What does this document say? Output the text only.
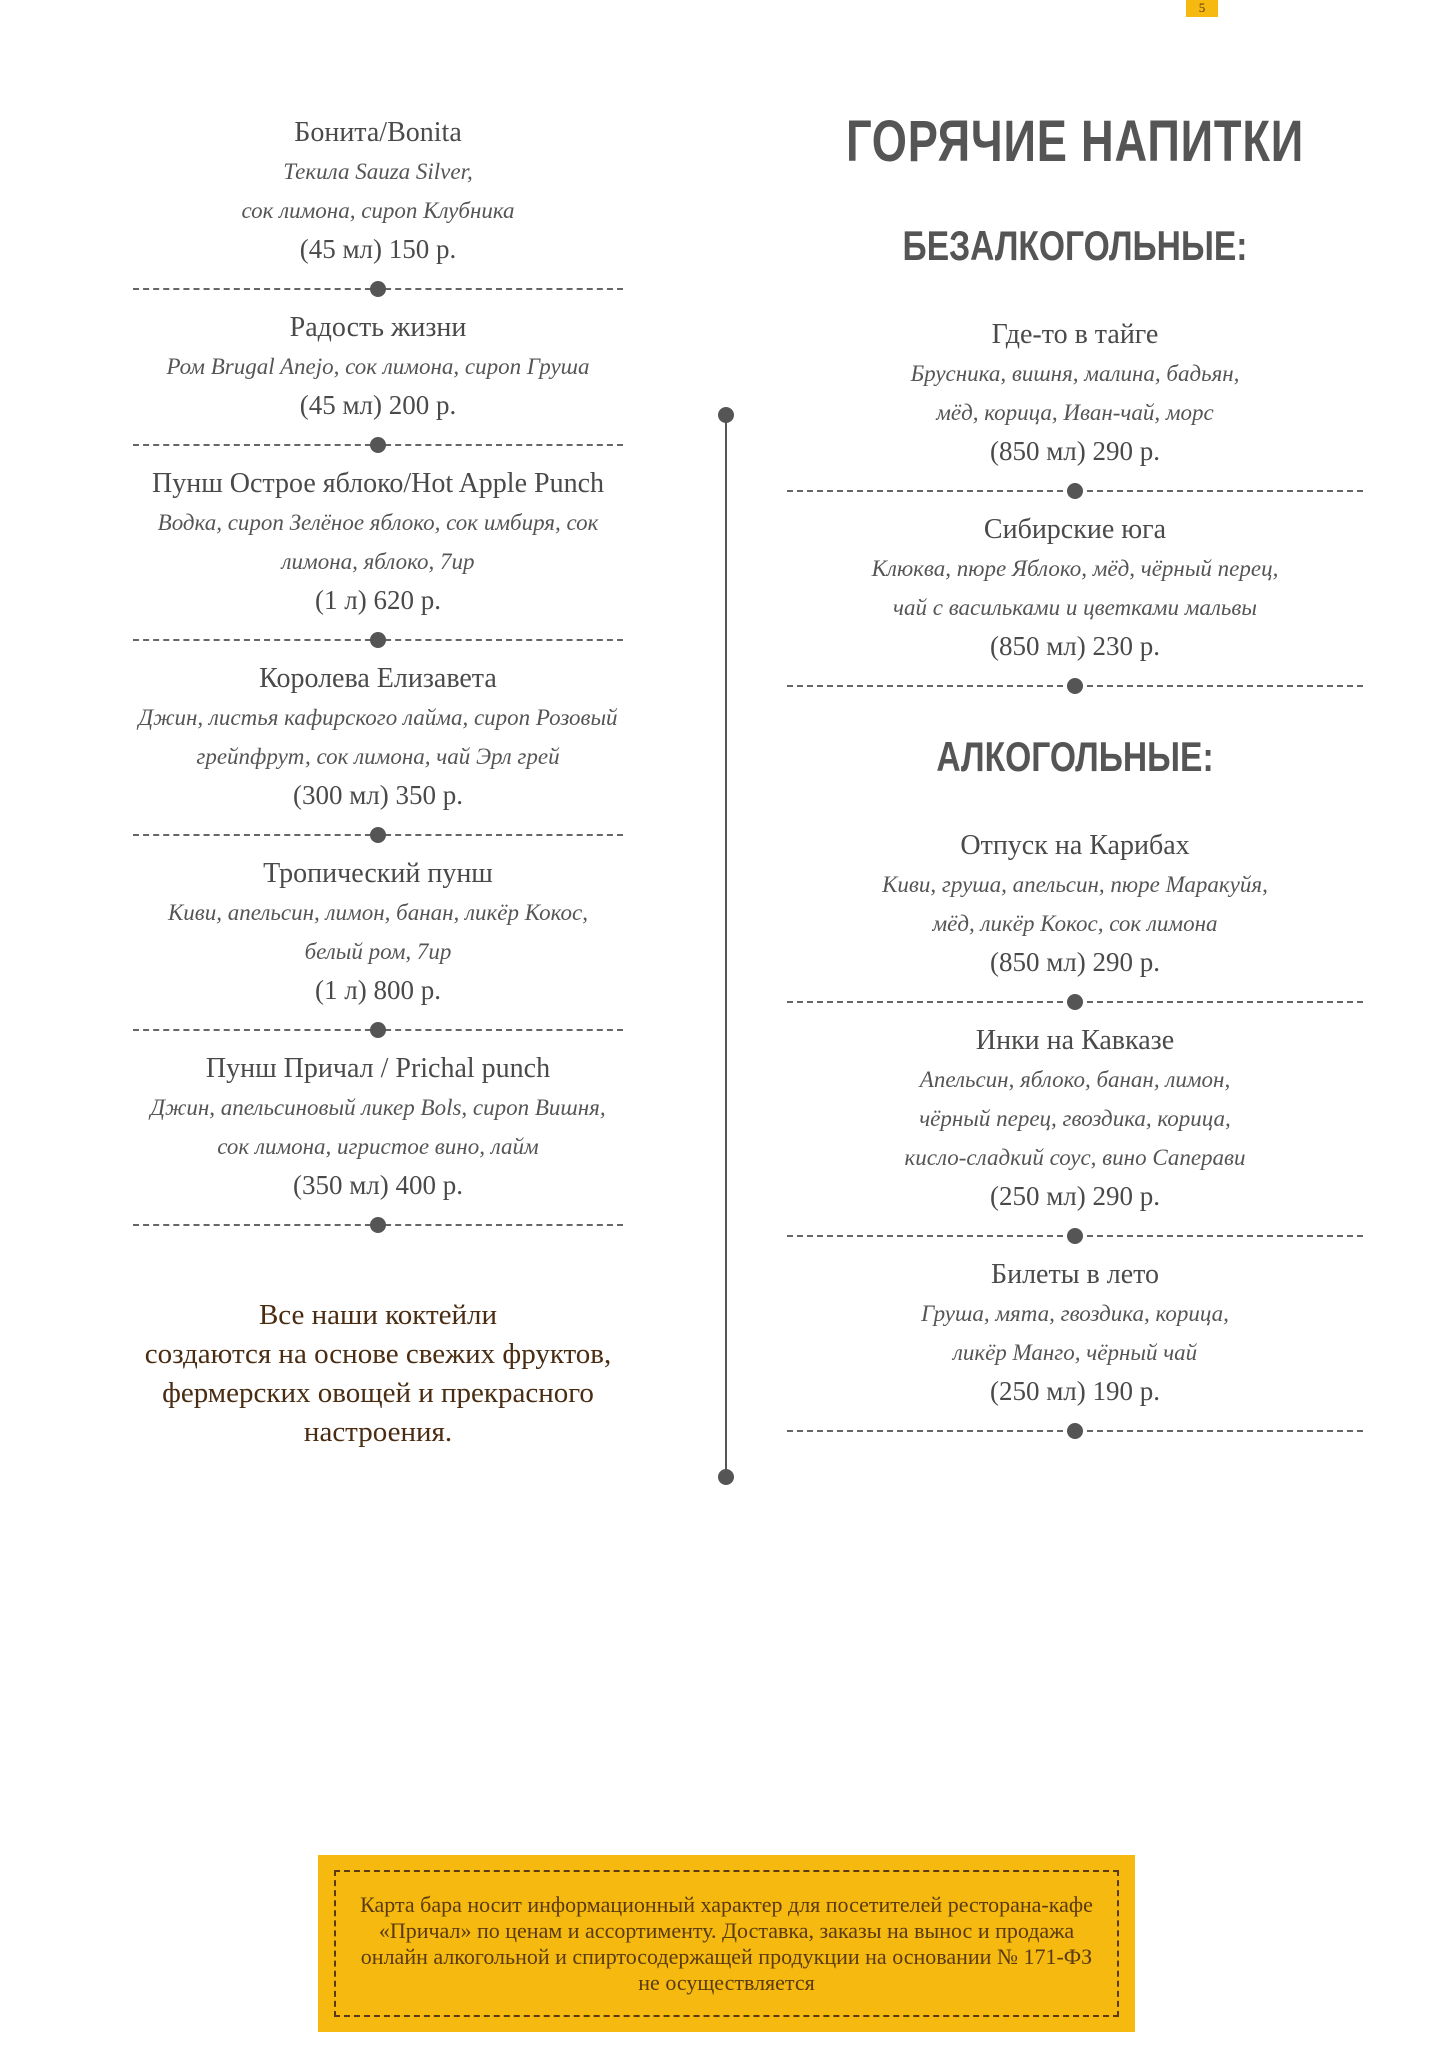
5
Бонита/Bonita
Текила Sauza Silver,
сок лимона, сироп Клубника
(45 мл) 150 р.
Радость жизни
Ром Brugal Anejo, сок лимона, сироп Груша
(45 мл) 200 р.
Пунш Острое яблоко/Hot Apple Punch
Водка, сироп Зелёное яблоко, сок имбиря, сок
лимона, яблоко, 7ир
(1 л) 620 р.
Королева Елизавета
Джин, листья кафирского лайма, сироп Розовый
грейпфрут, сок лимона, чай Эрл грей
(300 мл) 350 р.
Тропический пунш
Киви, апельсин, лимон, банан, ликёр Кокос,
белый ром, 7ир
(1 л) 800 р.
Пунш Причал / Prichal punch
Джин, апельсиновый ликер Bols, сироп Вишня,
сок лимона, игристое вино, лайм
(350 мл) 400 р.
Все наши коктейли
создаются на основе свежих фруктов,
фермерских овощей и прекрасного
настроения.
ГОРЯЧИЕ НАПИТКИ
БЕЗАЛКОГОЛЬНЫЕ:
Где-то в тайге
Брусника, вишня, малина, бадьян,
мёд, корица, Иван-чай, морс
(850 мл) 290 р.
Сибирские юга
Клюква, пюре Яблоко, мёд, чёрный перец,
чай с васильками и цветками мальвы
(850 мл) 230 р.
АЛКОГОЛЬНЫЕ:
Отпуск на Карибах
Киви, груша, апельсин, пюре Маракуйя,
мёд, ликёр Кокос, сок лимона
(850 мл) 290 р.
Инки на Кавказе
Апельсин, яблоко, банан, лимон,
чёрный перец, гвоздика, корица,
кисло-сладкий соус, вино Саперави
(250 мл) 290 р.
Билеты в лето
Груша, мята, гвоздика, корица,
ликёр Манго, чёрный чай
(250 мл) 190 р.
Карта бара носит информационный характер для посетителей ресторана-кафе «Причал» по ценам и ассортименту. Доставка, заказы на вынос и продажа онлайн алкогольной и спиртосодержащей продукции на основании № 171-ФЗ не осуществляется
